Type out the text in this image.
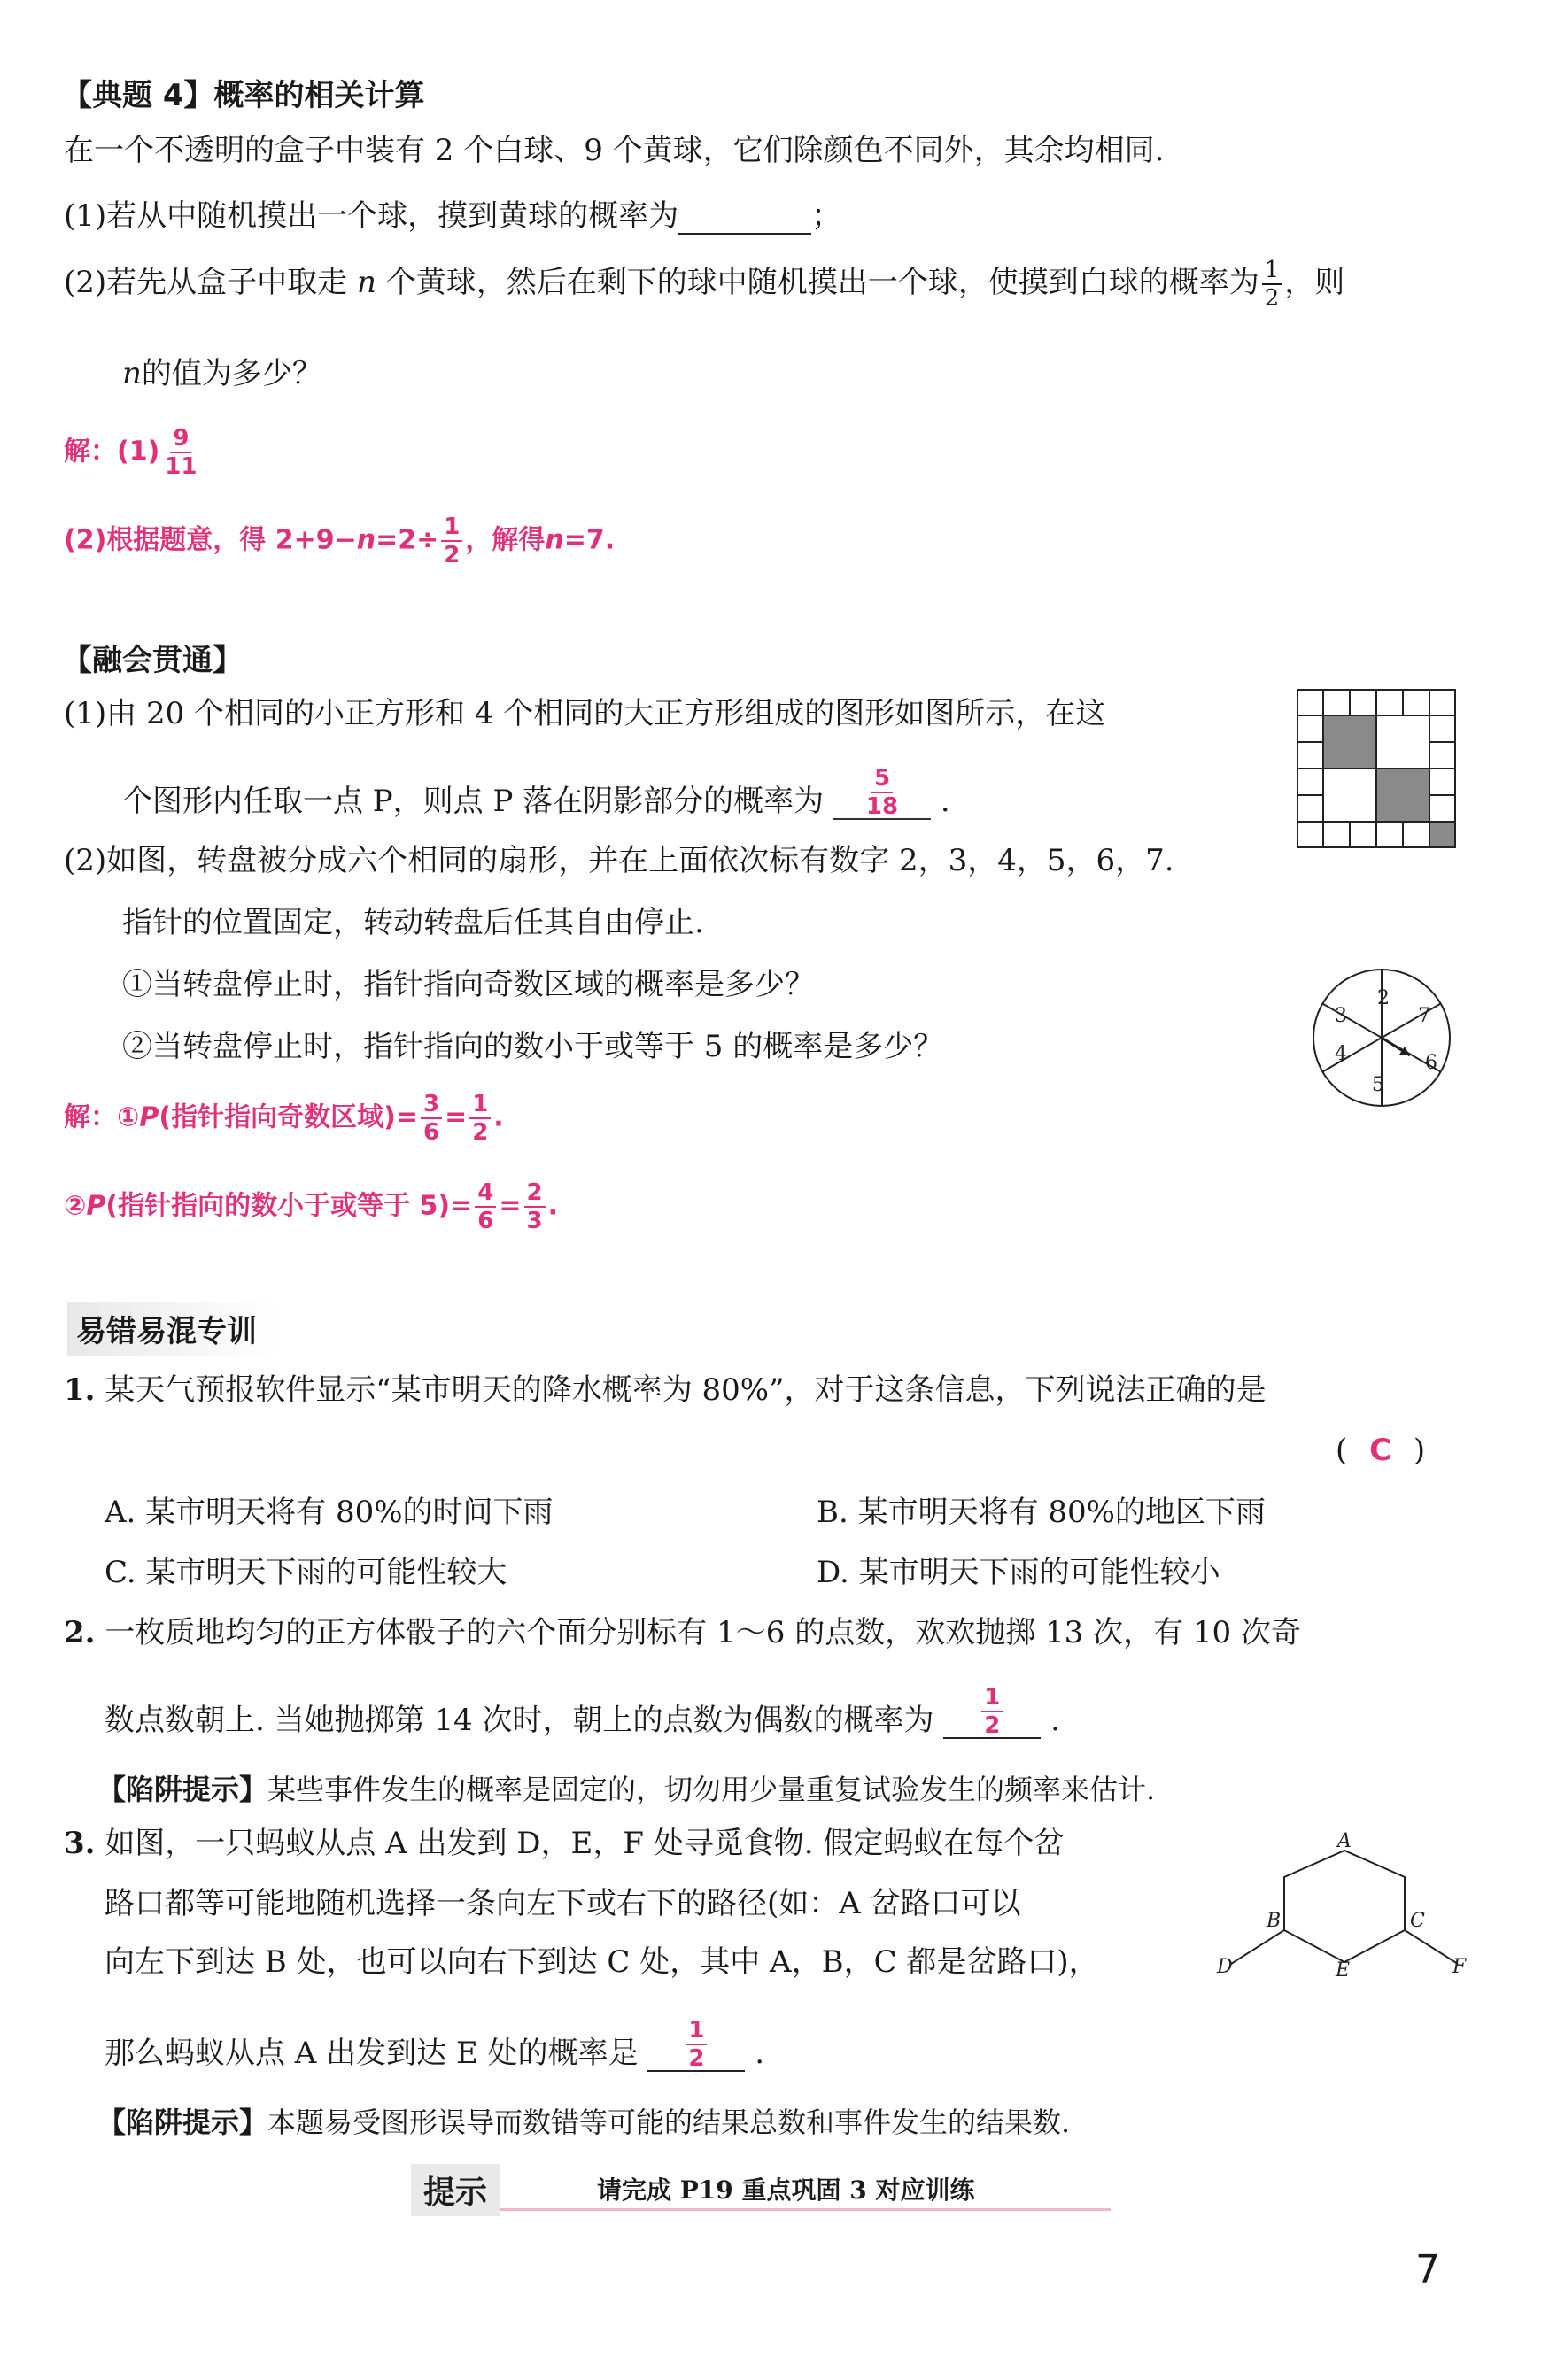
【典题 4】概率的相关计算
在一个不透明的盒子中装有 2 个白球、9 个黄球，它们除颜色不同外，其余均相同.
(1)若从中随机摸出一个球，摸到黄球的概率为	；
(2)若先从盒子中取走 n 个黄球，然后在剩下的球中随机摸出一个球，使摸到白球的概率为 $\frac{1}{2}$ ，则
n的值为多少？
解：$(1) \frac{9}{11}$
(2)根据题意，得 $2+9-n=2\div \frac{1}{2}$ ，解得n=7.
【融会贯通】
(1)由 20 个相同的小正方形和 4 个相同的大正方形组成的图形如图所示，在这
个图形内任取一点 P，则点 P 落在阴影部分的概率为 $\frac{5}{18}$ .
(2)如图，转盘被分成六个相同的扇形，并在上面依次标有数字 2，3，4，5，6，7.
指针的位置固定，转动转盘后任其自由停止.
①当转盘停止时，指针指向奇数区域的概率是多少？
②当转盘停止时，指针指向的数小于或等于 5 的概率是多少？
2
7
6
5
4
3
解：①P(指针指向奇数区域)= $\frac{3}{6} = \frac{1}{2}$ .
②P(指针指向的数小于或等于 $5)= \frac{4}{6} = \frac{2}{3}$ .
易错易混专训
1. 某天气预报软件显示“某市明天的降水概率为 80%”，对于这条信息，下列说法正确的是
( C )
A. 某市明天将有 80%的时间下雨	B. 某市明天将有 80%的地区下雨
C. 某市明天下雨的可能性较大	D. 某市明天下雨的可能性较小
2. 一枚质地均匀的正方体骰子的六个面分别标有 1～6 的点数，欢欢抛掷 13 次，有 10 次奇
数点数朝上. 当她抛掷第 14 次时，朝上的点数为偶数的概率为 $\frac{1}{2}$ .
【陷阱提示】某些事件发生的概率是固定的，切勿用少量重复试验发生的频率来估计.
3. 如图，一只蚂蚁从点 A 出发到 D，E，F 处寻觅食物. 假定蚂蚁在每个岔
路口都等可能地随机选择一条向左下或右下的路径(如：A 岔路口可以
向左下到达 B 处，也可以向右下到达 C 处，其中 A，B，C 都是岔路口)，
那么蚂蚁从点 A 出发到达 E 处的概率是 $\frac{1}{2}$ .
A
B	C
D	E	F
【陷阱提示】本题易受图形误导而数错等可能的结果总数和事件发生的结果数.
提示	请完成 P19 重点巩固 3 对应训练
7
